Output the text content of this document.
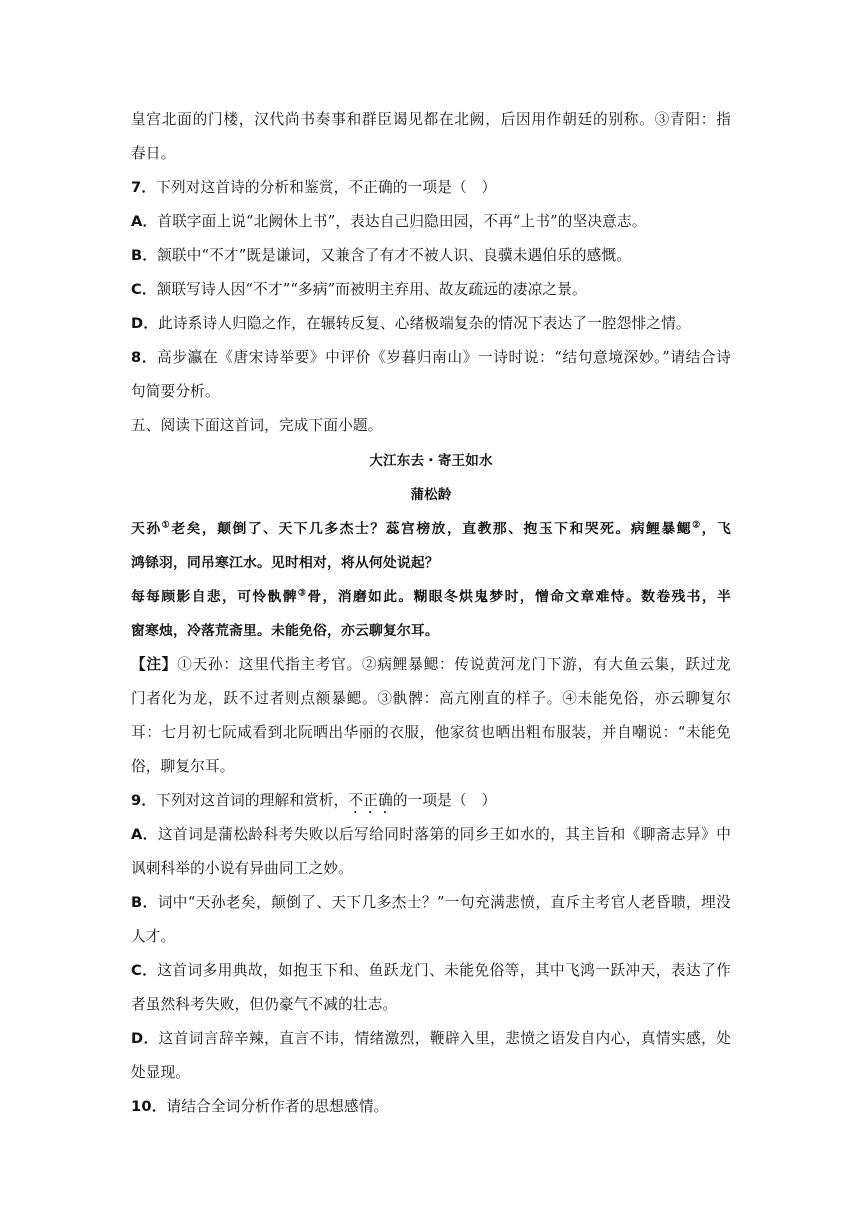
皇宫北面的门楼，汉代尚书奏事和群臣谒见都在北阙，后因用作朝廷的别称。③青阳：指
春日。
7．下列对这首诗的分析和鉴赏，不正确的一项是（　）
A．首联字面上说“北阙休上书”，表达自己归隐田园，不再“上书”的坚决意志。
B．颔联中“不才”既是谦词，又兼含了有才不被人识、良骥未遇伯乐的感慨。
C．颔联写诗人因“不才”“多病”而被明主弃用、故友疏远的凄凉之景。
D．此诗系诗人归隐之作，在辗转反复、心绪极端复杂的情况下表达了一腔怨悱之情。
8．高步瀛在《唐宋诗举要》中评价《岁暮归南山》一诗时说：“结句意境深妙。”请结合诗
句简要分析。
五、阅读下面这首词，完成下面小题。
大江东去・寄王如水
蒲松龄
天孙①老矣，颠倒了、天下几多杰士？蕊宫榜放，直教那、抱玉下和哭死。病鲤暴鳃②，飞
鸿铩羽，同吊寒江水。见时相对，将从何处说起？
每每顾影自悲，可怜骫髀③骨，消磨如此。糊眼冬烘鬼梦时，憎命文章难恃。数卷残书，半
窗寒烛，冷落荒斋里。未能免俗，亦云聊复尔耳。
【注】①天孙：这里代指主考官。②病鲤暴鳃：传说黄河龙门下游，有大鱼云集，跃过龙
门者化为龙，跃不过者则点额暴鳃。③骫髀：高亢刚直的样子。④未能免俗，亦云聊复尔
耳：七月初七阮咸看到北阮晒出华丽的衣服，他家贫也晒出粗布服装，并自嘲说：“未能免
俗，聊复尔耳。
9．下列对这首词的理解和赏析，不正确的一项是（　）
A．这首词是蒲松龄科考失败以后写给同时落第的同乡王如水的，其主旨和《聊斋志异》中
讽刺科举的小说有异曲同工之妙。
B．词中“天孙老矣，颠倒了、天下几多杰士？”一句充满悲愤，直斥主考官人老昏聩，埋没
人才。
C．这首词多用典故，如抱玉下和、鱼跃龙门、未能免俗等，其中飞鸿一跃冲天，表达了作
者虽然科考失败，但仍豪气不减的壮志。
D．这首词言辞辛辣，直言不讳，情绪激烈，鞭辟入里，悲愤之语发自内心，真情实感，处
处显现。
10．请结合全词分析作者的思想感情。
